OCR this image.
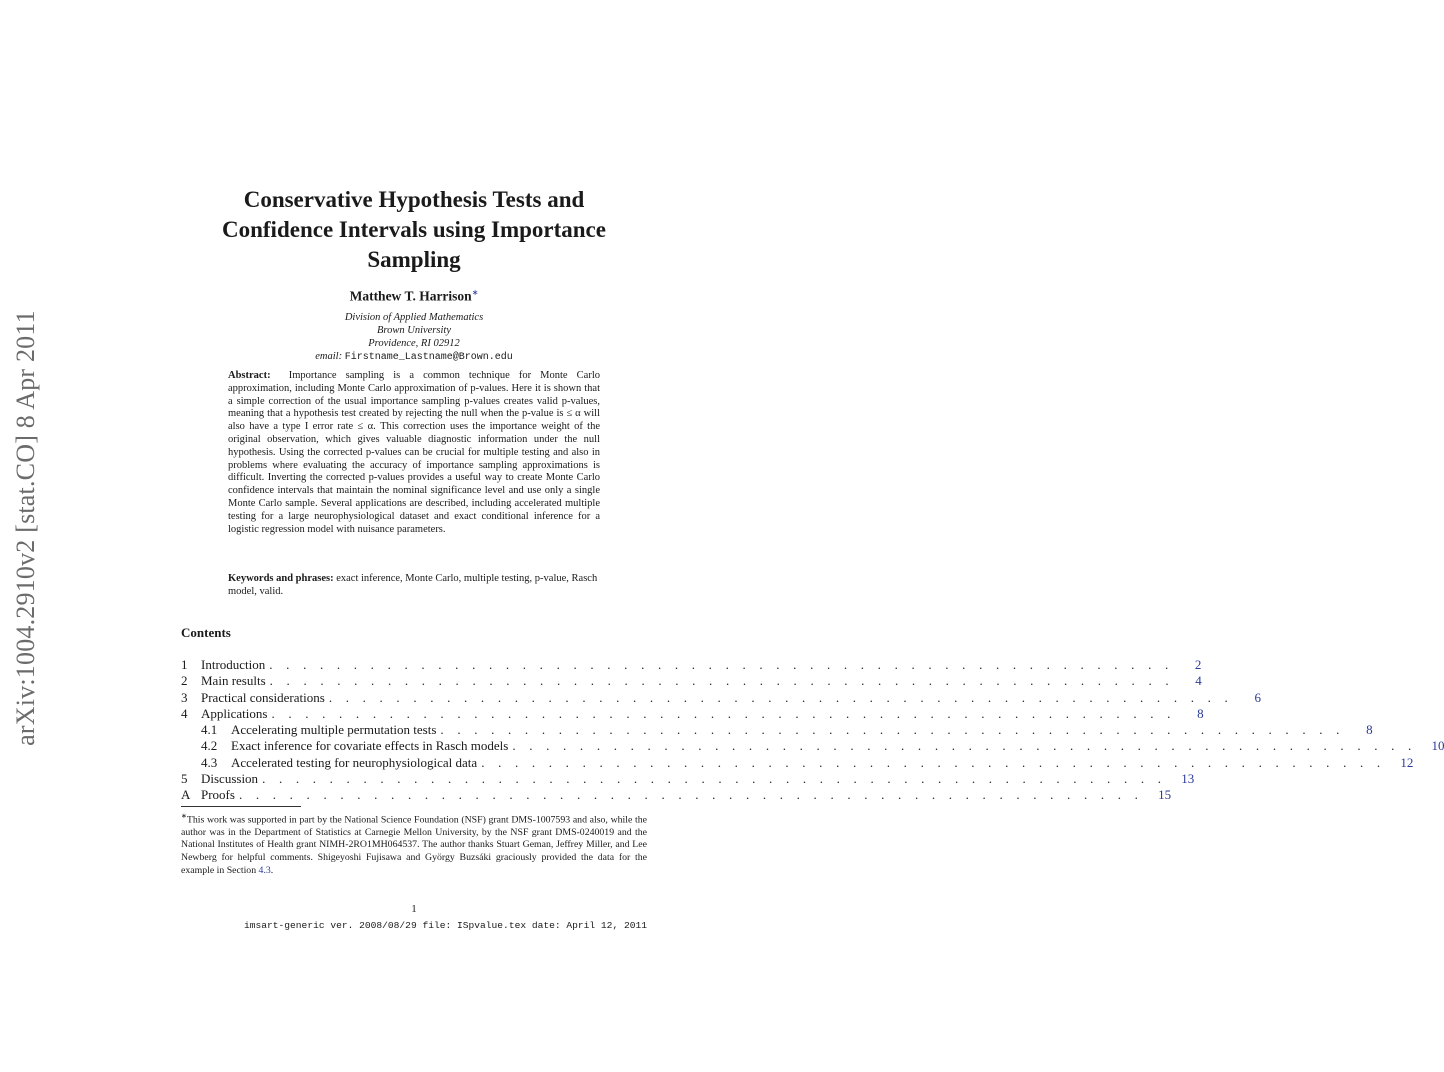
arXiv:1004.2910v2 [stat.CO] 8 Apr 2011
Conservative Hypothesis Tests and
Confidence Intervals using Importance
Sampling
Matthew T. Harrison∗
Division of Applied Mathematics
Brown University
Providence, RI 02912
email: Firstname_Lastname@Brown.edu
Abstract: Importance sampling is a common technique for Monte Carlo approximation, including Monte Carlo approximation of p-values. Here it is shown that a simple correction of the usual importance sampling p-values creates valid p-values, meaning that a hypothesis test created by rejecting the null when the p-value is ≤ α will also have a type I error rate ≤ α. This correction uses the importance weight of the original observation, which gives valuable diagnostic information under the null hypothesis. Using the corrected p-values can be crucial for multiple testing and also in problems where evaluating the accuracy of importance sampling approximations is difficult. Inverting the corrected p-values provides a useful way to create Monte Carlo confidence intervals that maintain the nominal significance level and use only a single Monte Carlo sample. Several applications are described, including accelerated multiple testing for a large neurophysiological dataset and exact conditional inference for a logistic regression model with nuisance parameters.
Keywords and phrases: exact inference, Monte Carlo, multiple testing, p-value, Rasch model, valid.
Contents
1	Introduction . . . . . . . . . . . . . . . . . . . . . . . . . . . . . . . . . . . . . . . . . . . . . . . . . . . . . .	2
2	Main results . . . . . . . . . . . . . . . . . . . . . . . . . . . . . . . . . . . . . . . . . . . . . . . . . . . . . .	4
3	Practical considerations . . . . . . . . . . . . . . . . . . . . . . . . . . . . . . . . . . . . . . . . . . . . . . . . . . . . . .	6
4	Applications . . . . . . . . . . . . . . . . . . . . . . . . . . . . . . . . . . . . . . . . . . . . . . . . . . . . . .	8
4.1	Accelerating multiple permutation tests . . . . . . . . . . . . . . . . . . . . . . . . . . . . . . . . . . . . . . . . . . . . . . . . . . . . . .	8
4.2	Exact inference for covariate effects in Rasch models . . . . . . . . . . . . . . . . . . . . . . . . . . . . . . . . . . . . . . . . . . . . . . . . . . . . . .	10
4.3	Accelerated testing for neurophysiological data . . . . . . . . . . . . . . . . . . . . . . . . . . . . . . . . . . . . . . . . . . . . . . . . . . . . . .	12
5	Discussion . . . . . . . . . . . . . . . . . . . . . . . . . . . . . . . . . . . . . . . . . . . . . . . . . . . . . .	13
A Proofs . . . . . . . . . . . . . . . . . . . . . . . . . . . . . . . . . . . . . . . . . . . . . . . . . . . . . .	15
∗This work was supported in part by the National Science Foundation (NSF) grant DMS-1007593 and also, while the author was in the Department of Statistics at Carnegie Mellon University, by the NSF grant DMS-0240019 and the National Institutes of Health grant NIMH-2RO1MH064537. The author thanks Stuart Geman, Jeffrey Miller, and Lee Newberg for helpful comments. Shigeyoshi Fujisawa and György Buzsáki graciously provided the data for the example in Section 4.3.
1
imsart-generic ver. 2008/08/29 file: ISpvalue.tex date: April 12, 2011
